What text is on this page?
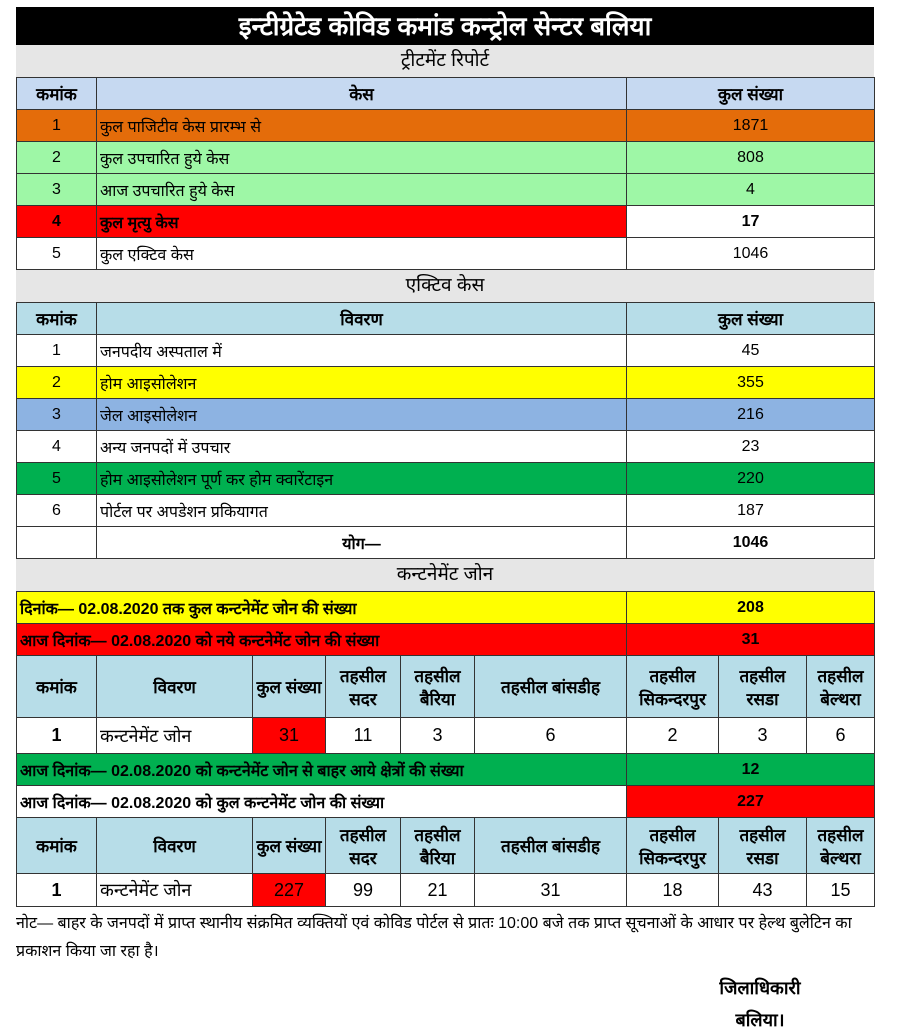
इन्टीग्रेटेड कोविड कमांड कन्ट्रोल सेन्टर बलिया
ट्रीटमेंट रिपोर्ट
कमांक	केस	कुल संख्या
1	कुल पाजिटीव केस प्रारम्भ से	1871
2	कुल उपचारित हुये केस	808
3	आज उपचारित हुये केस	4
4	कुल मृत्यु केस	17
5	कुल एक्टिव केस	1046
एक्टिव केस
कमांक	विवरण	कुल संख्या
1	जनपदीय अस्पताल में	45
2	होम आइसोलेशन	355
3	जेल आइसोलेशन	216
4	अन्य जनपदों में उपचार	23
5	होम आइसोलेशन पूर्ण कर होम क्वारेंटाइन	220
6	पोर्टल पर अपडेशन प्रकियागत	187
	योग—	1046
कन्टनेमेंट जोन
दिनांक— 02.08.2020 तक कुल कन्टनेमेंट जोन की संख्या						208		
आज दिनांक— 02.08.2020 को नये कन्टनेमेंट जोन की संख्या						31		
कमांक	विवरण	कुल संख्या	तहसील सदर	तहसील बैरिया	तहसील बांसडीह	तहसील सिकन्दरपुर	तहसील रसडा	तहसील बेल्थरा
1	कन्टनेमेंट जोन	31	11	3	6	2	3	6
आज दिनांक— 02.08.2020 को कन्टनेमेंट जोन से बाहर आये क्षेत्रों की संख्या						12		
आज दिनांक— 02.08.2020 को कुल कन्टनेमेंट जोन की संख्या						227		
कमांक	विवरण	कुल संख्या	तहसील सदर	तहसील बैरिया	तहसील बांसडीह	तहसील सिकन्दरपुर	तहसील रसडा	तहसील बेल्थरा
1	कन्टनेमेंट जोन	227	99	21	31	18	43	15
नोट— बाहर के जनपदों में प्राप्त स्थानीय संक्रमित व्यक्तियों एवं कोविड पोर्टल से प्रातः 10:00 बजे तक प्राप्त सूचनाओं के आधार पर हेल्थ बुलेटिन का प्रकाशन किया जा रहा है।
जिलाधिकारी
बलिया।
